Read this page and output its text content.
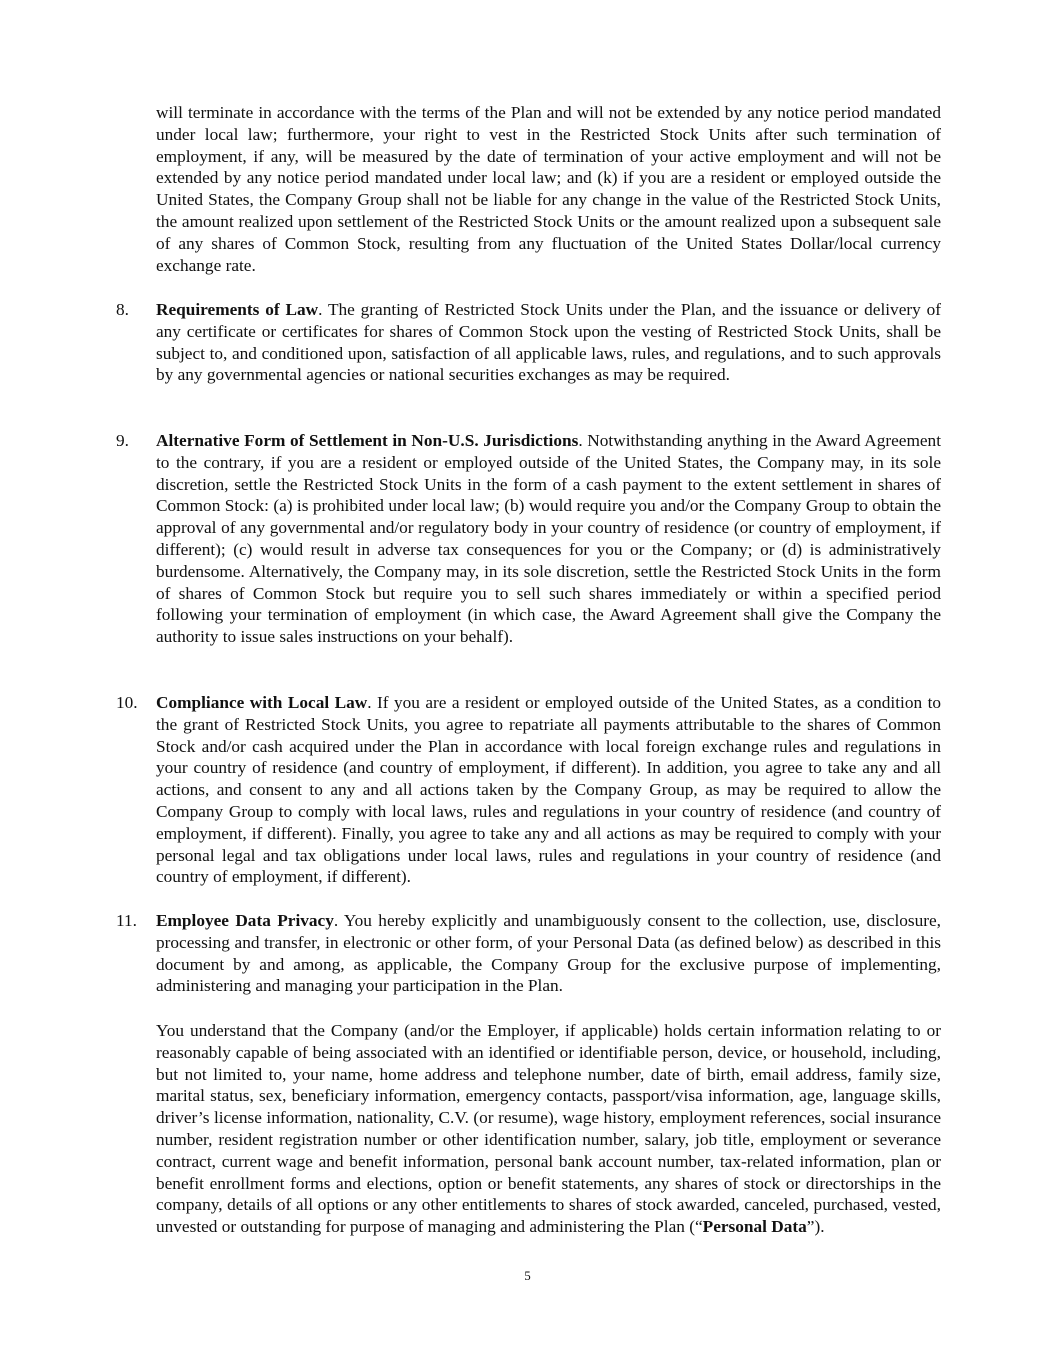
will terminate in accordance with the terms of the Plan and will not be extended by any notice period mandated under local law; furthermore, your right to vest in the Restricted Stock Units after such termination of employment, if any, will be measured by the date of termination of your active employment and will not be extended by any notice period mandated under local law; and (k) if you are a resident or employed outside the United States, the Company Group shall not be liable for any change in the value of the Restricted Stock Units, the amount realized upon settlement of the Restricted Stock Units or the amount realized upon a subsequent sale of any shares of Common Stock, resulting from any fluctuation of the United States Dollar/local currency exchange rate.

8. Requirements of Law. The granting of Restricted Stock Units under the Plan, and the issuance or delivery of any certificate or certificates for shares of Common Stock upon the vesting of Restricted Stock Units, shall be subject to, and conditioned upon, satisfaction of all applicable laws, rules, and regulations, and to such approvals by any governmental agencies or national securities exchanges as may be required.

9. Alternative Form of Settlement in Non-U.S. Jurisdictions. Notwithstanding anything in the Award Agreement to the contrary, if you are a resident or employed outside of the United States, the Company may, in its sole discretion, settle the Restricted Stock Units in the form of a cash payment to the extent settlement in shares of Common Stock: (a) is prohibited under local law; (b) would require you and/or the Company Group to obtain the approval of any governmental and/or regulatory body in your country of residence (or country of employment, if different); (c) would result in adverse tax consequences for you or the Company; or (d) is administratively burdensome. Alternatively, the Company may, in its sole discretion, settle the Restricted Stock Units in the form of shares of Common Stock but require you to sell such shares immediately or within a specified period following your termination of employment (in which case, the Award Agreement shall give the Company the authority to issue sales instructions on your behalf).

10. Compliance with Local Law. If you are a resident or employed outside of the United States, as a condition to the grant of Restricted Stock Units, you agree to repatriate all payments attributable to the shares of Common Stock and/or cash acquired under the Plan in accordance with local foreign exchange rules and regulations in your country of residence (and country of employment, if different). In addition, you agree to take any and all actions, and consent to any and all actions taken by the Company Group, as may be required to allow the Company Group to comply with local laws, rules and regulations in your country of residence (and country of employment, if different). Finally, you agree to take any and all actions as may be required to comply with your personal legal and tax obligations under local laws, rules and regulations in your country of residence (and country of employment, if different).

11. Employee Data Privacy. You hereby explicitly and unambiguously consent to the collection, use, disclosure, processing and transfer, in electronic or other form, of your Personal Data (as defined below) as described in this document by and among, as applicable, the Company Group for the exclusive purpose of implementing, administering and managing your participation in the Plan.

You understand that the Company (and/or the Employer, if applicable) holds certain information relating to or reasonably capable of being associated with an identified or identifiable person, device, or household, including, but not limited to, your name, home address and telephone number, date of birth, email address, family size, marital status, sex, beneficiary information, emergency contacts, passport/visa information, age, language skills, driver’s license information, nationality, C.V. (or resume), wage history, employment references, social insurance number, resident registration number or other identification number, salary, job title, employment or severance contract, current wage and benefit information, personal bank account number, tax-related information, plan or benefit enrollment forms and elections, option or benefit statements, any shares of stock or directorships in the company, details of all options or any other entitlements to shares of stock awarded, canceled, purchased, vested, unvested or outstanding for purpose of managing and administering the Plan (“Personal Data”).

5
